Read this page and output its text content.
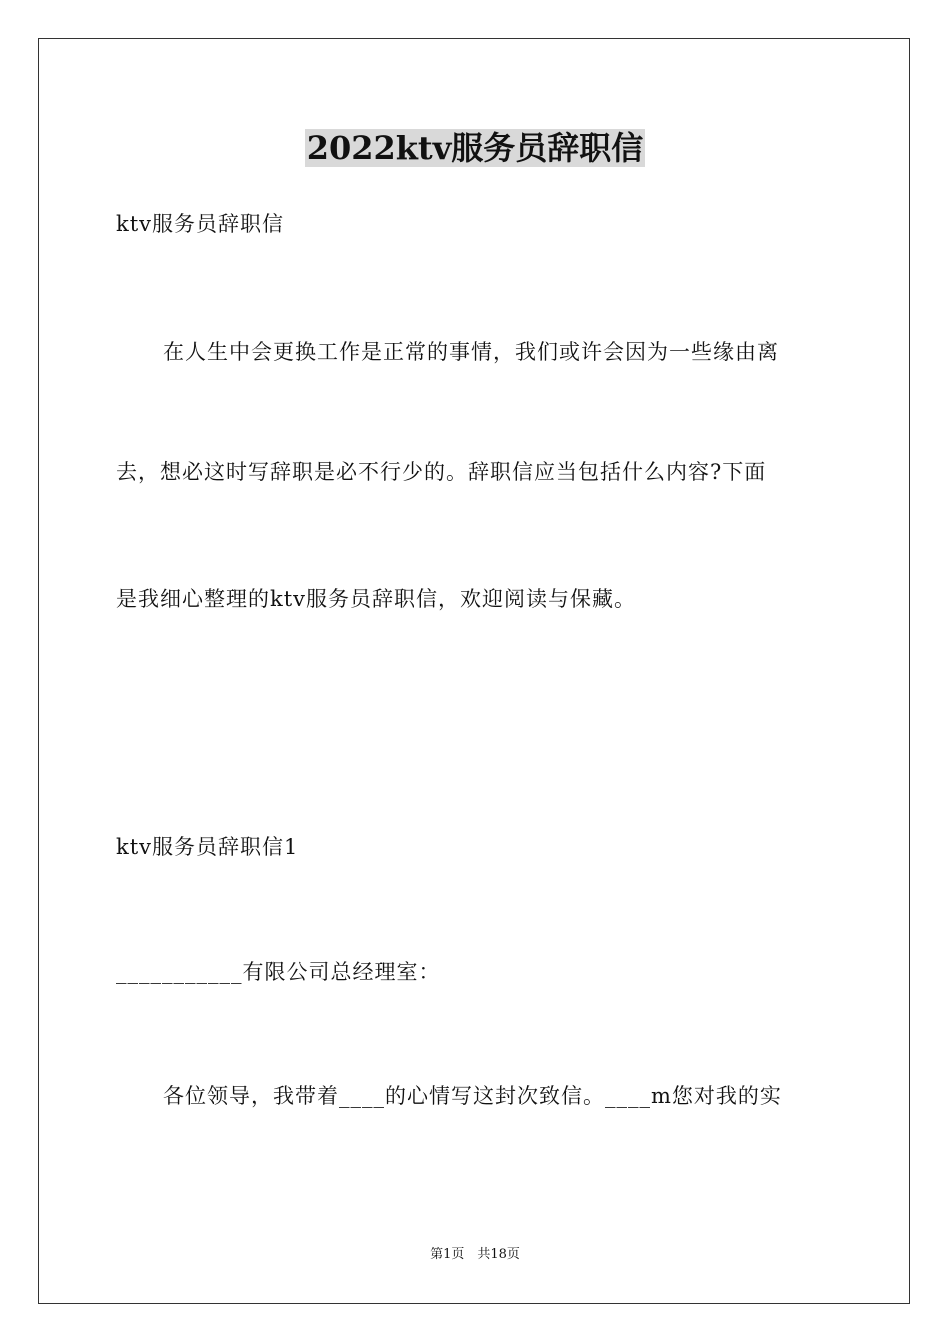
2022ktv服务员辞职信
ktv服务员辞职信
在人生中会更换工作是正常的事情，我们或许会因为一些缘由离
去，想必这时写辞职是必不行少的。辞职信应当包括什么内容?下面
是我细心整理的ktv服务员辞职信，欢迎阅读与保藏。
ktv服务员辞职信1
___________有限公司总经理室：
各位领导，我带着____的心情写这封次致信。____m您对我的实
第1页　共18页
